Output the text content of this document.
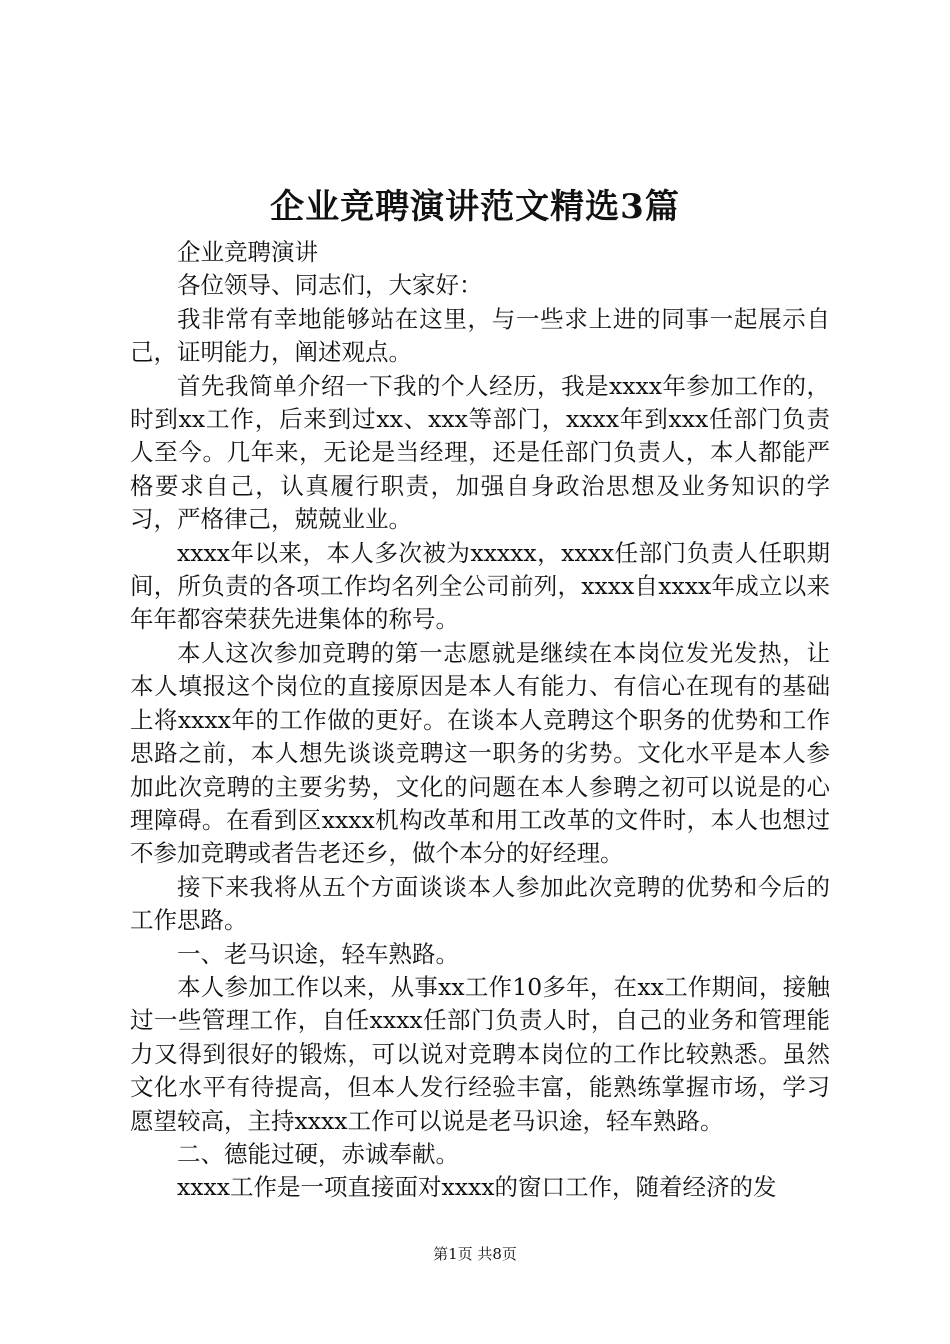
企业竞聘演讲范文精选3篇

企业竞聘演讲

各位领导、同志们，大家好：

我非常有幸地能够站在这里，与一些求上进的同事一起展示自己，证明能力，阐述观点。

首先我简单介绍一下我的个人经历，我是xxxx年参加工作的，时到xx工作，后来到过xx、xxx等部门，xxxx年到xxx任部门负责人至今。几年来，无论是当经理，还是任部门负责人，本人都能严格要求自己，认真履行职责，加强自身政治思想及业务知识的学习，严格律己，兢兢业业。

xxxx年以来，本人多次被为xxxxx，xxxx任部门负责人任职期间，所负责的各项工作均名列全公司前列，xxxx自xxxx年成立以来年年都容荣获先进集体的称号。

本人这次参加竞聘的第一志愿就是继续在本岗位发光发热，让本人填报这个岗位的直接原因是本人有能力、有信心在现有的基础上将xxxx年的工作做的更好。在谈本人竞聘这个职务的优势和工作思路之前，本人想先谈谈竞聘这一职务的劣势。文化水平是本人参加此次竞聘的主要劣势，文化的问题在本人参聘之初可以说是的心理障碍。在看到区xxxx机构改革和用工改革的文件时，本人也想过不参加竞聘或者告老还乡，做个本分的好经理。

接下来我将从五个方面谈谈本人参加此次竞聘的优势和今后的工作思路。

一、老马识途，轻车熟路。

本人参加工作以来，从事xx工作10多年，在xx工作期间，接触过一些管理工作，自任xxxx任部门负责人时，自己的业务和管理能力又得到很好的锻炼，可以说对竞聘本岗位的工作比较熟悉。虽然文化水平有待提高，但本人发行经验丰富，能熟练掌握市场，学习愿望较高，主持xxxx工作可以说是老马识途，轻车熟路。

二、德能过硬，赤诚奉献。

xxxx工作是一项直接面对xxxx的窗口工作，随着经济的发

第1页 共8页
